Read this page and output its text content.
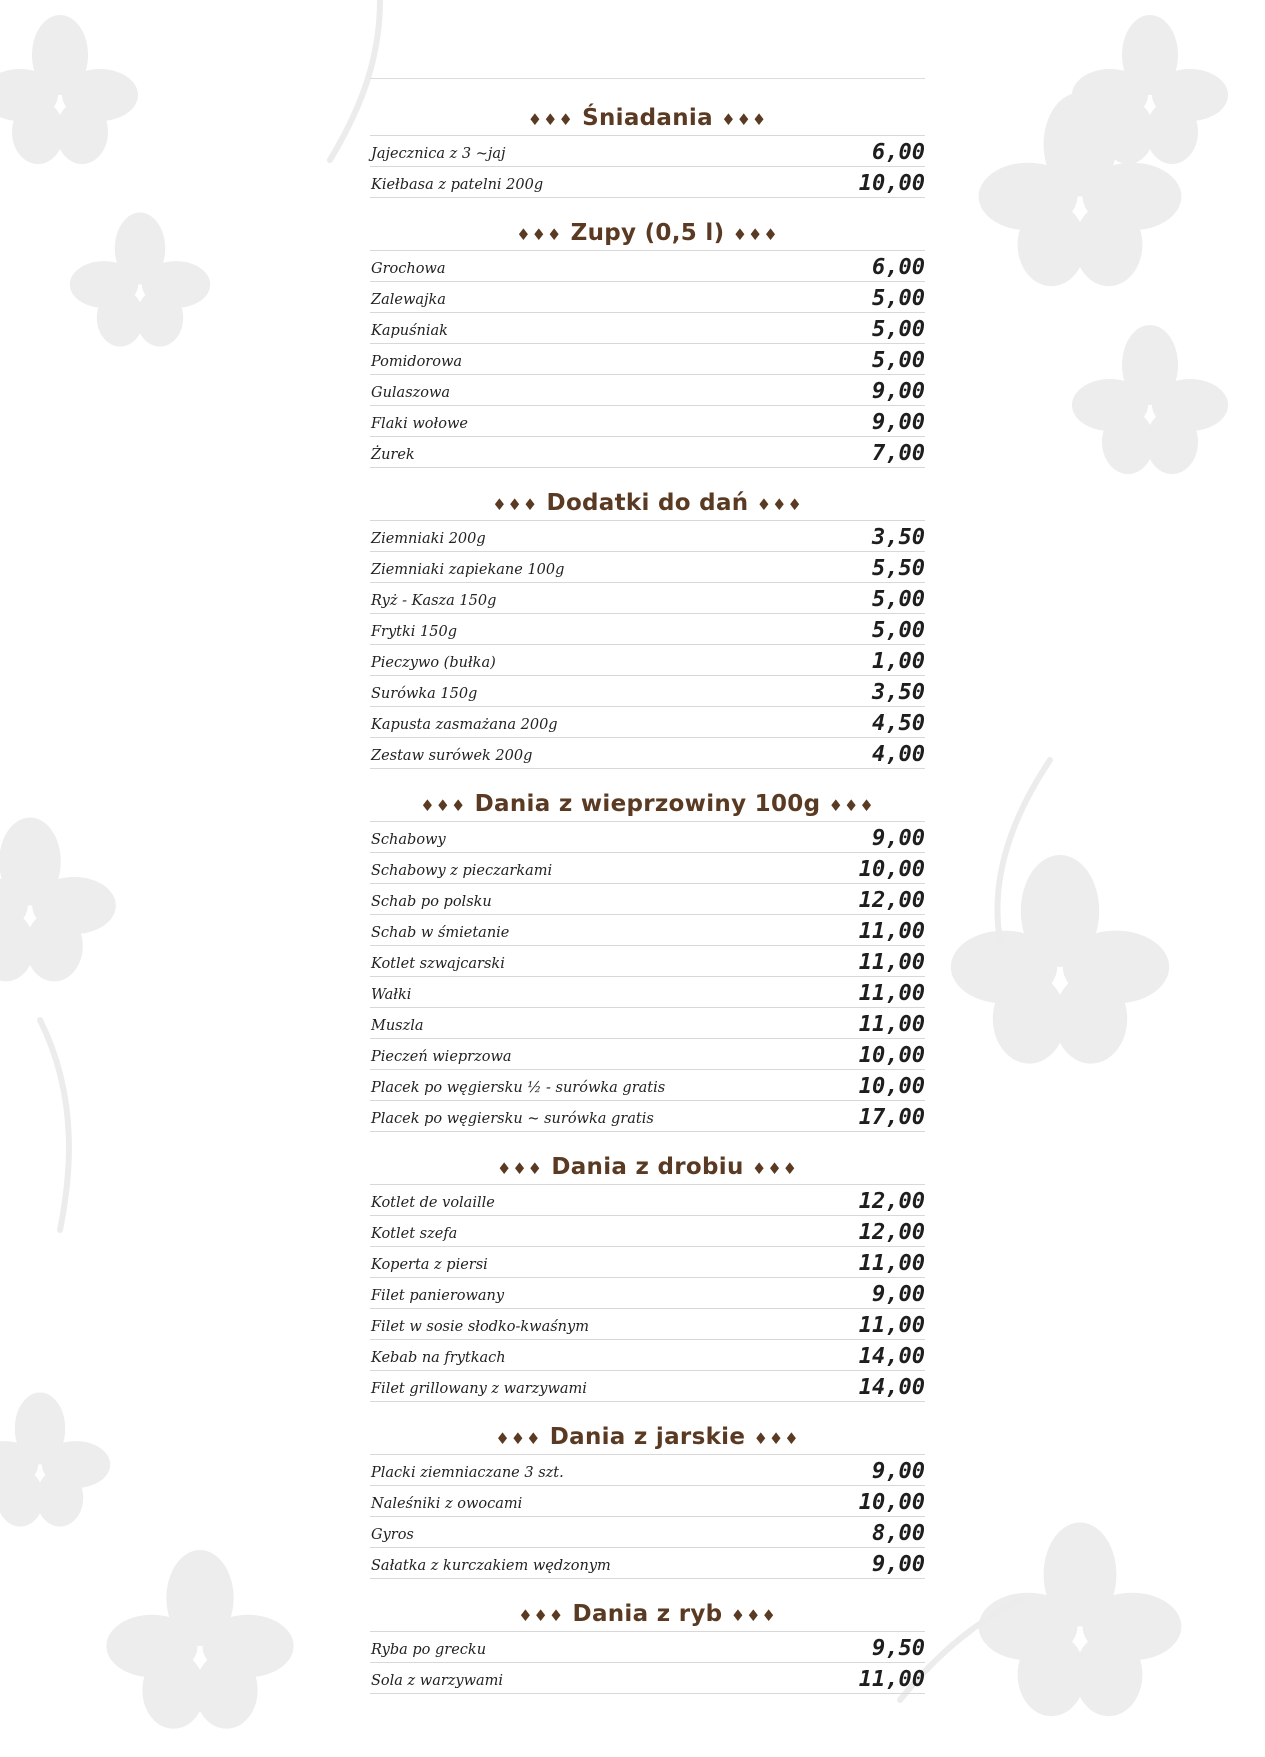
♦♦♦ Śniadania ♦♦♦
Jajecznica z 3 ~jaj	6,00
Kiełbasa z patelni 200g	10,00
♦♦♦ Zupy (0,5 l) ♦♦♦
Grochowa	6,00
Zalewajka	5,00
Kapuśniak	5,00
Pomidorowa	5,00
Gulaszowa	9,00
Flaki wołowe	9,00
Żurek	7,00
♦♦♦ Dodatki do dań ♦♦♦
Ziemniaki 200g	3,50
Ziemniaki zapiekane 100g	5,50
Ryż - Kasza 150g	5,00
Frytki 150g	5,00
Pieczywo (bułka)	1,00
Surówka 150g	3,50
Kapusta zasmażana 200g	4,50
Zestaw surówek 200g	4,00
♦♦♦ Dania z wieprzowiny 100g ♦♦♦
Schabowy	9,00
Schabowy z pieczarkami	10,00
Schab po polsku	12,00
Schab w śmietanie	11,00
Kotlet szwajcarski	11,00
Wałki	11,00
Muszla	11,00
Pieczeń wieprzowa	10,00
Placek po węgiersku ½ - surówka gratis	10,00
Placek po węgiersku ~ surówka gratis	17,00
♦♦♦ Dania z drobiu ♦♦♦
Kotlet de volaille	12,00
Kotlet szefa	12,00
Koperta z piersi	11,00
Filet panierowany	9,00
Filet w sosie słodko-kwaśnym	11,00
Kebab na frytkach	14,00
Filet grillowany z warzywami	14,00
♦♦♦ Dania z jarskie ♦♦♦
Placki ziemniaczane 3 szt.	9,00
Naleśniki z owocami	10,00
Gyros	8,00
Sałatka z kurczakiem wędzonym	9,00
♦♦♦ Dania z ryb ♦♦♦
Ryba po grecku	9,50
Sola z warzywami	11,00
